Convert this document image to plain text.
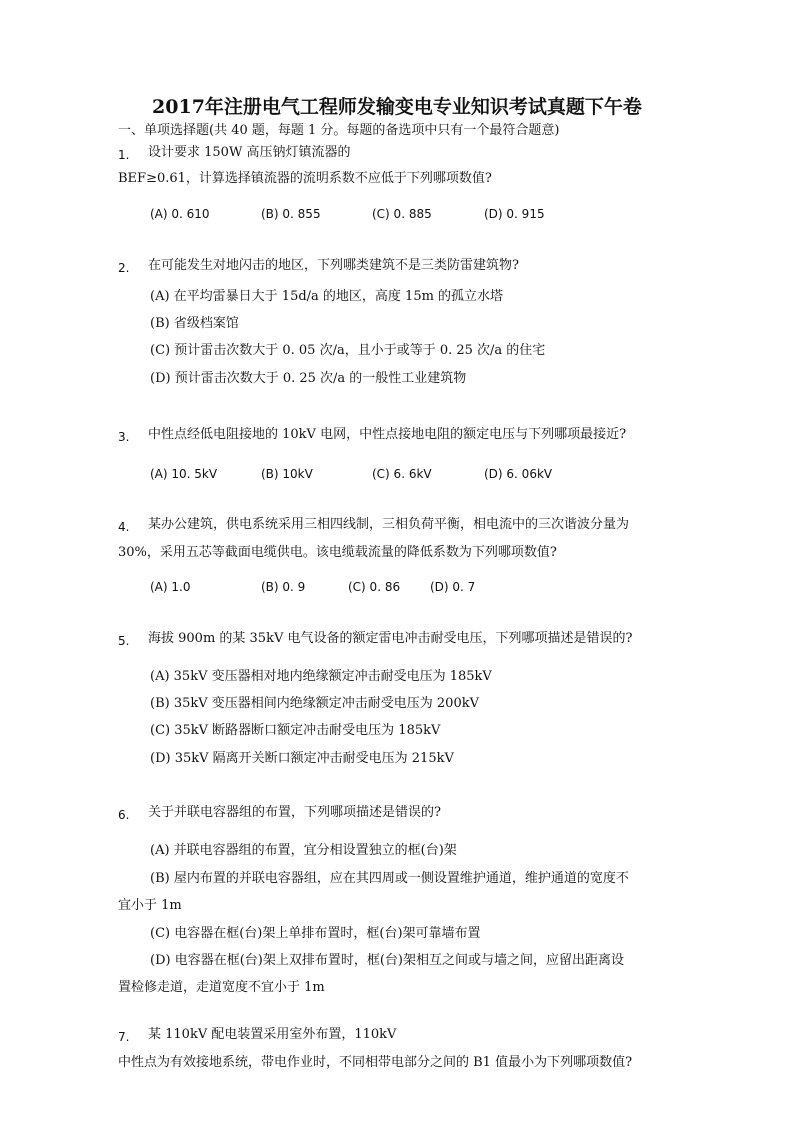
2017年注册电气工程师发输变电专业知识考试真题下午卷
一、单项选择题(共 40 题，每题 1 分。每题的备选项中只有一个最符合题意)
1. 设计要求 150W 高压钠灯镇流器的
BEF≥0.61，计算选择镇流器的流明系数不应低于下列哪项数值?
(A) 0. 610	(B) 0. 855	(C) 0. 885	(D) 0. 915
2. 在可能发生对地闪击的地区，下列哪类建筑不是三类防雷建筑物?
(A) 在平均雷暴日大于 15d/a 的地区，高度 15m 的孤立水塔
(B) 省级档案馆
(C) 预计雷击次数大于 0. 05 次/a，且小于或等于 0. 25 次/a 的住宅
(D) 预计雷击次数大于 0. 25 次/a 的一般性工业建筑物
3. 中性点经低电阻接地的 10kV 电网，中性点接地电阻的额定电压与下列哪项最接近?
(A) 10. 5kV	(B) 10kV	(C) 6. 6kV	(D) 6. 06kV
4. 某办公建筑，供电系统采用三相四线制，三相负荷平衡，相电流中的三次谐波分量为
30%，采用五芯等截面电缆供电。该电缆载流量的降低系数为下列哪项数值?
(A) 1.0	(B) 0. 9	(C) 0. 86 (D) 0. 7
5. 海拔 900m 的某 35kV 电气设备的额定雷电冲击耐受电压，下列哪项描述是错误的?
(A) 35kV 变压器相对地内绝缘额定冲击耐受电压为 185kV
(B) 35kV 变压器相间内绝缘额定冲击耐受电压为 200kV
(C) 35kV 断路器断口额定冲击耐受电压为 185kV
(D) 35kV 隔离开关断口额定冲击耐受电压为 215kV
6. 关于并联电容器组的布置，下列哪项描述是错误的?
(A) 并联电容器组的布置，宜分相设置独立的框(台)架
(B) 屋内布置的并联电容器组，应在其四周或一侧设置维护通道，维护通道的宽度不
宜小于 1m
(C) 电容器在框(台)架上单排布置时，框(台)架可靠墙布置
(D) 电容器在框(台)架上双排布置时，框(台)架相互之间或与墙之间，应留出距离设
置检修走道，走道宽度不宜小于 1m
7. 某 110kV 配电装置采用室外布置，110kV
中性点为有效接地系统，带电作业时，不同相带电部分之间的 B1 值最小为下列哪项数值?
